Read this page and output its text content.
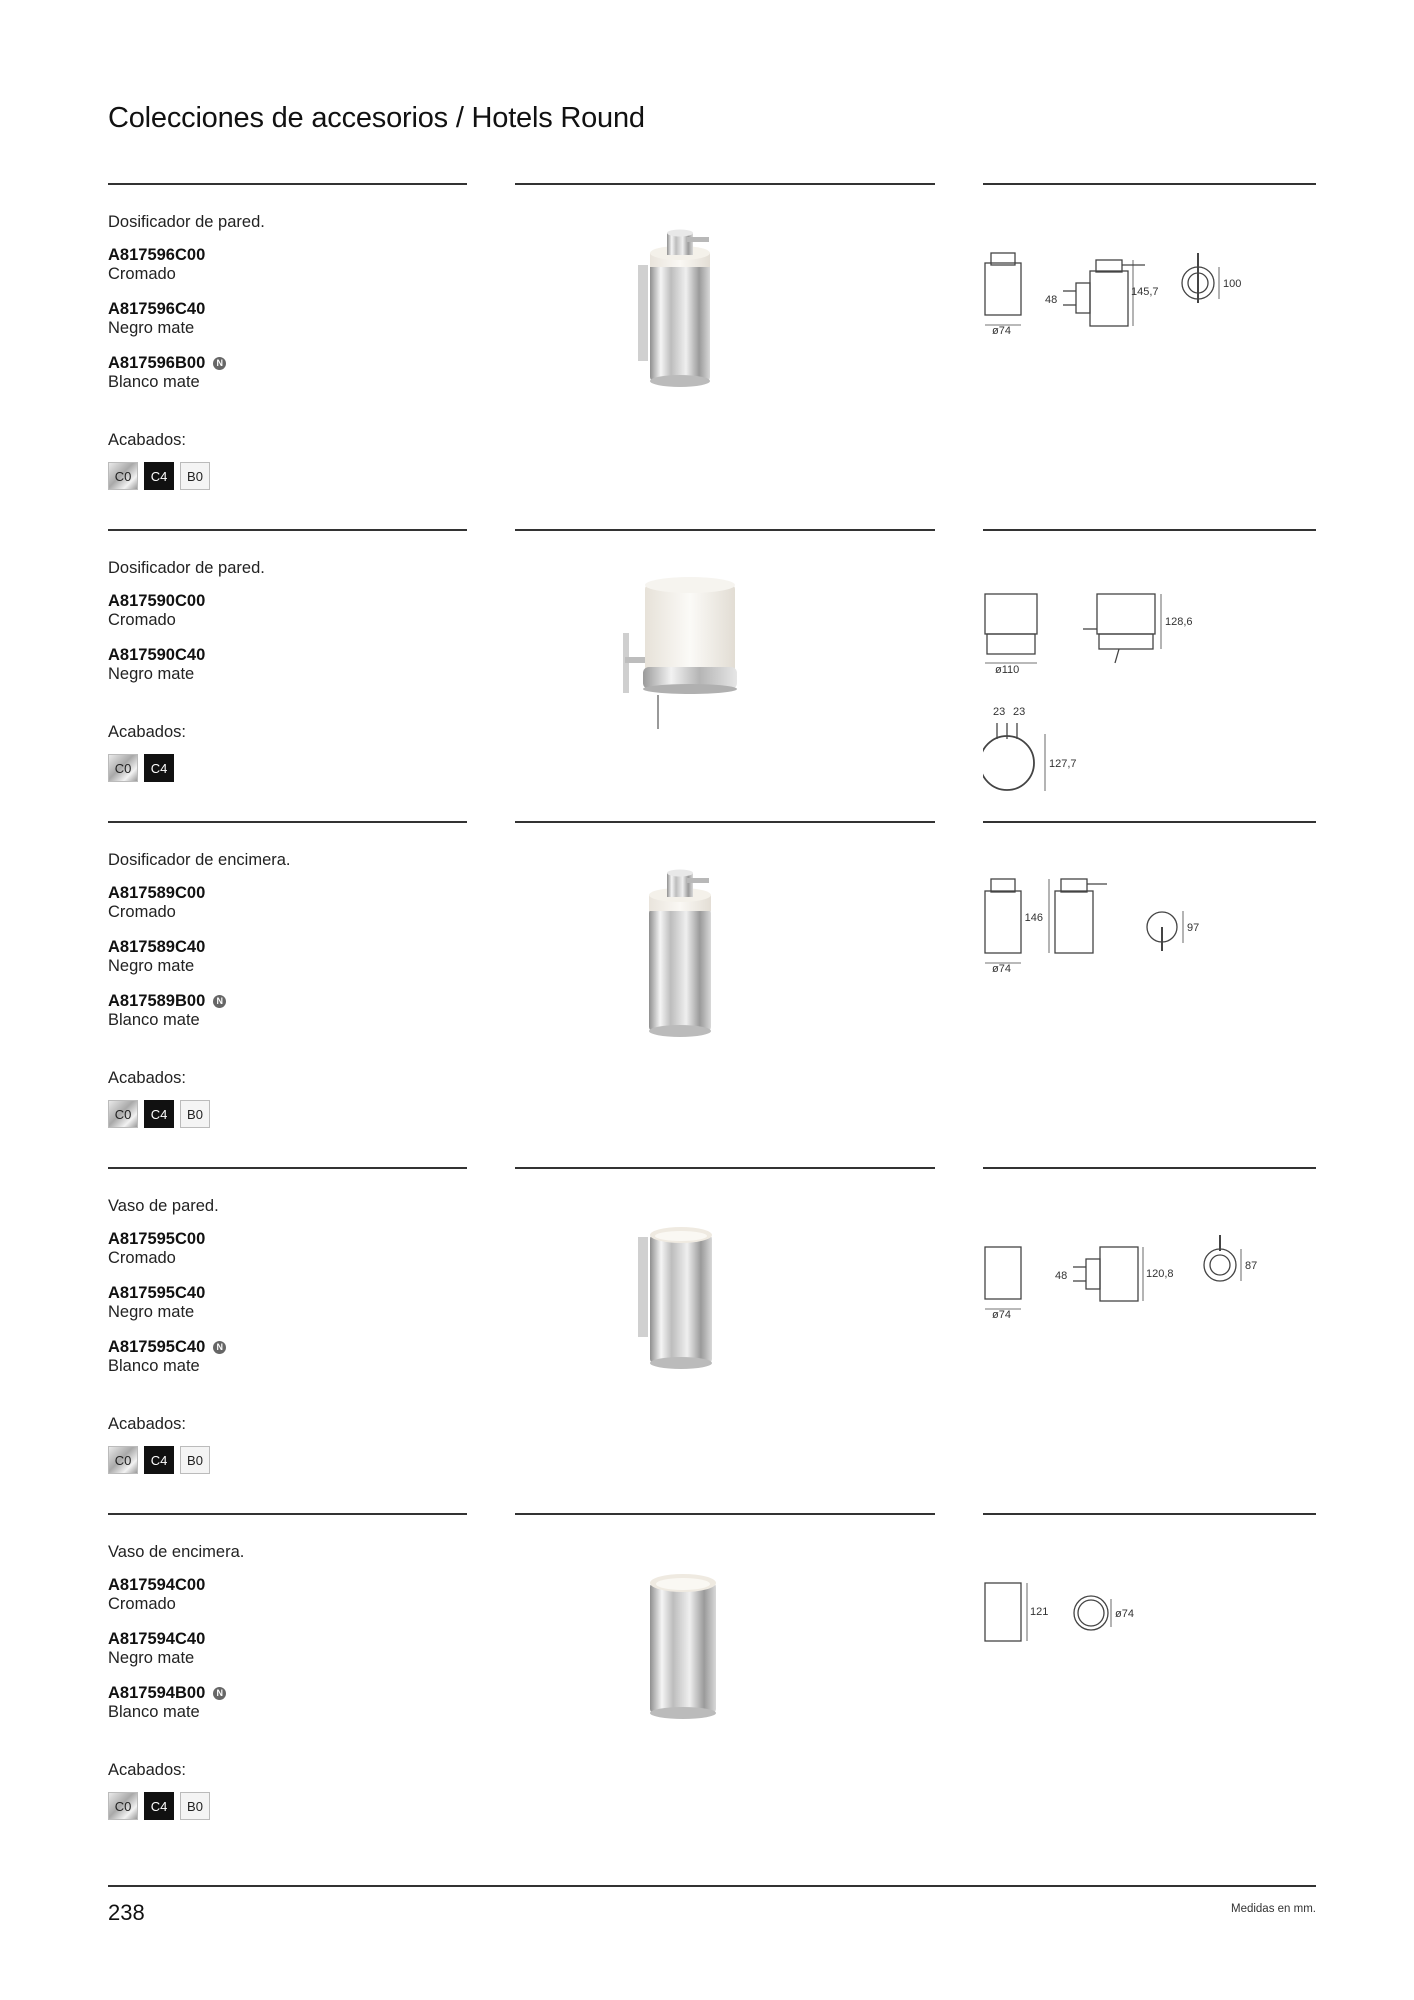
Colecciones de accesorios / Hotels Round
Dosificador de pared.
A817596C00
Cromado
A817596C40
Negro mate
A817596B00	N
Blanco mate
Acabados:
C0	C4	B0
ø74
48
145,7
100
Dosificador de pared.
A817590C00
Cromado
A817590C40
Negro mate
Acabados:
C0	C4
ø110
128,6
23 23
127,7
Dosificador de encimera.
A817589C00
Cromado
A817589C40
Negro mate
A817589B00	N
Blanco mate
Acabados:
C0	C4	B0
ø74
146
97
Vaso de pared.
A817595C00
Cromado
A817595C40
Negro mate
A817595C40	N
Blanco mate
Acabados:
C0	C4	B0
ø74
48	120,8
87
Vaso de encimera.
A817594C00
Cromado
A817594C40
Negro mate
A817594B00	N
Blanco mate
Acabados:
C0	C4	B0
121	ø74
238	Medidas en mm.
